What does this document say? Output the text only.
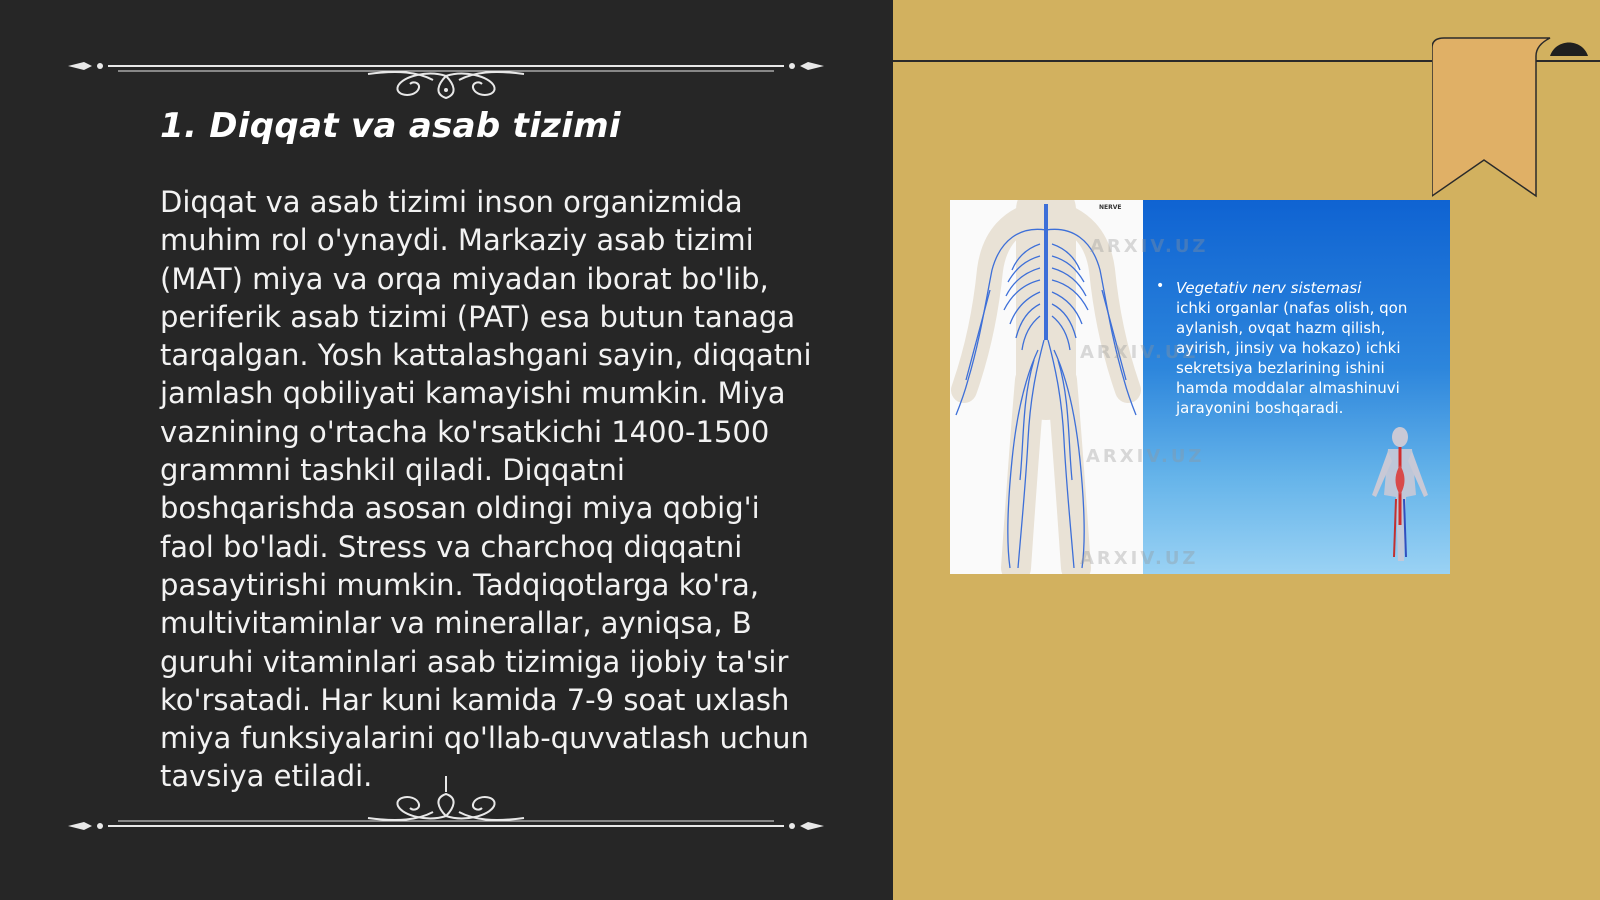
1. Diqqat va asab tizimi

Diqqat va asab tizimi inson organizmida
muhim rol o'ynaydi. Markaziy asab tizimi
(MAT) miya va orqa miyadan iborat bo'lib,
periferik asab tizimi (PAT) esa butun tanaga
tarqalgan. Yosh kattalashgani sayin, diqqatni
jamlash qobiliyati kamayishi mumkin. Miya
vaznining o'rtacha ko'rsatkichi 1400-1500
grammni tashkil qiladi. Diqqatni
boshqarishda asosan oldingi miya qobig'i
faol bo'ladi. Stress va charchoq diqqatni
pasaytirishi mumkin. Tadqiqotlarga ko'ra,
multivitaminlar va minerallar, ayniqsa, B
guruhi vitaminlari asab tizimiga ijobiy ta'sir
ko'rsatadi. Har kuni kamida 7-9 soat uxlash
miya funksiyalarini qo'llab-quvvatlash uchun
tavsiya etiladi.

NERVE
ARXIV.UZ
ARXIV.UZ
ARXIV.UZ
ARXIV.UZ
• Vegetativ nerv sistemasi
ichki organlar (nafas olish, qon aylanish, ovqat hazm qilish, ayirish, jinsiy va hokazo) ichki sekretsiya bezlarining ishini hamda moddalar almashinuvi jarayonini boshqaradi.
